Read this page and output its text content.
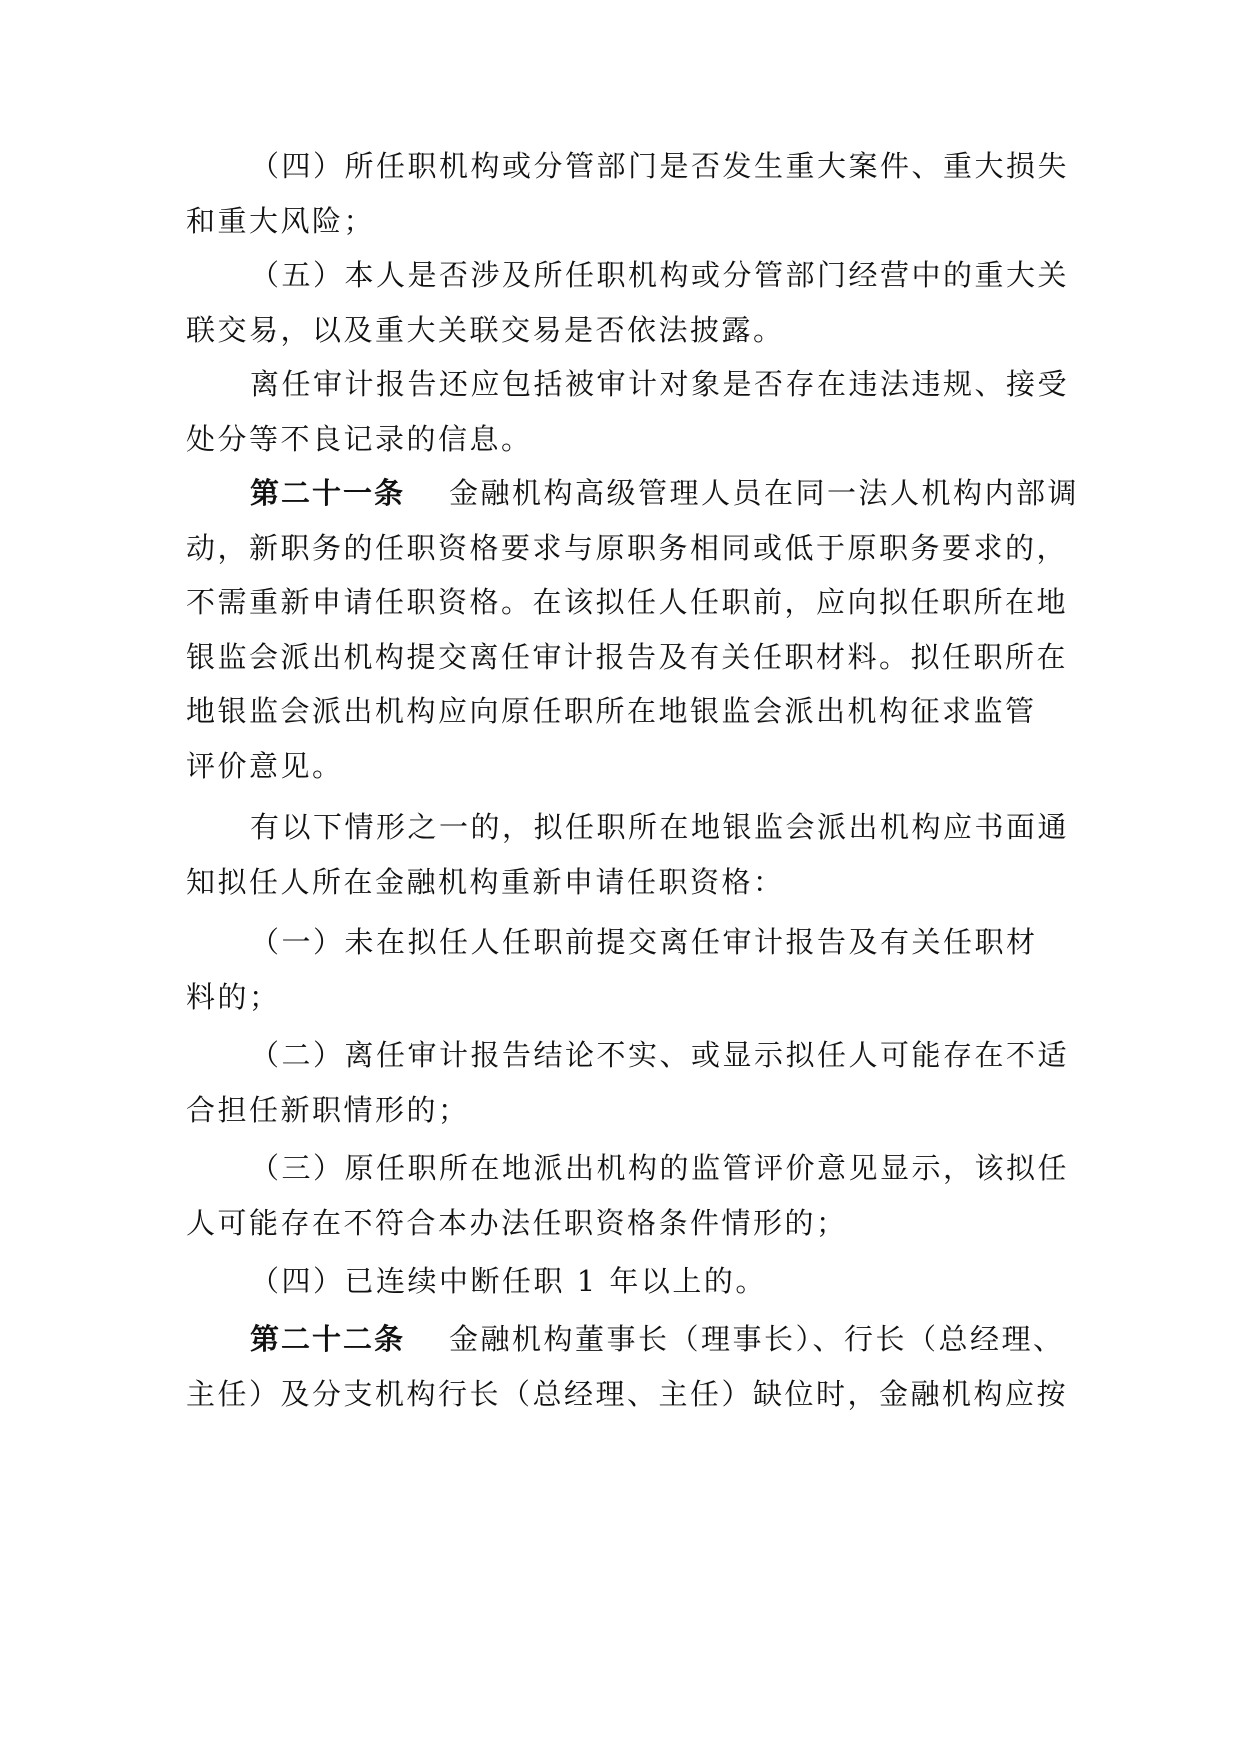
（四）所任职机构或分管部门是否发生重大案件、重大损失
和重大风险；
（五）本人是否涉及所任职机构或分管部门经营中的重大关
联交易，以及重大关联交易是否依法披露。
离任审计报告还应包括被审计对象是否存在违法违规、接受
处分等不良记录的信息。
第二十一条 金融机构高级管理人员在同一法人机构内部调
动，新职务的任职资格要求与原职务相同或低于原职务要求的，
不需重新申请任职资格。在该拟任人任职前，应向拟任职所在地
银监会派出机构提交离任审计报告及有关任职材料。拟任职所在
地银监会派出机构应向原任职所在地银监会派出机构征求监管
评价意见。
有以下情形之一的，拟任职所在地银监会派出机构应书面通
知拟任人所在金融机构重新申请任职资格：
（一）未在拟任人任职前提交离任审计报告及有关任职材
料的；
（二）离任审计报告结论不实、或显示拟任人可能存在不适
合担任新职情形的；
（三）原任职所在地派出机构的监管评价意见显示，该拟任
人可能存在不符合本办法任职资格条件情形的；
（四）已连续中断任职 1 年以上的。
第二十二条 金融机构董事长（理事长）、行长（总经理、
主任）及分支机构行长（总经理、主任）缺位时，金融机构应按
